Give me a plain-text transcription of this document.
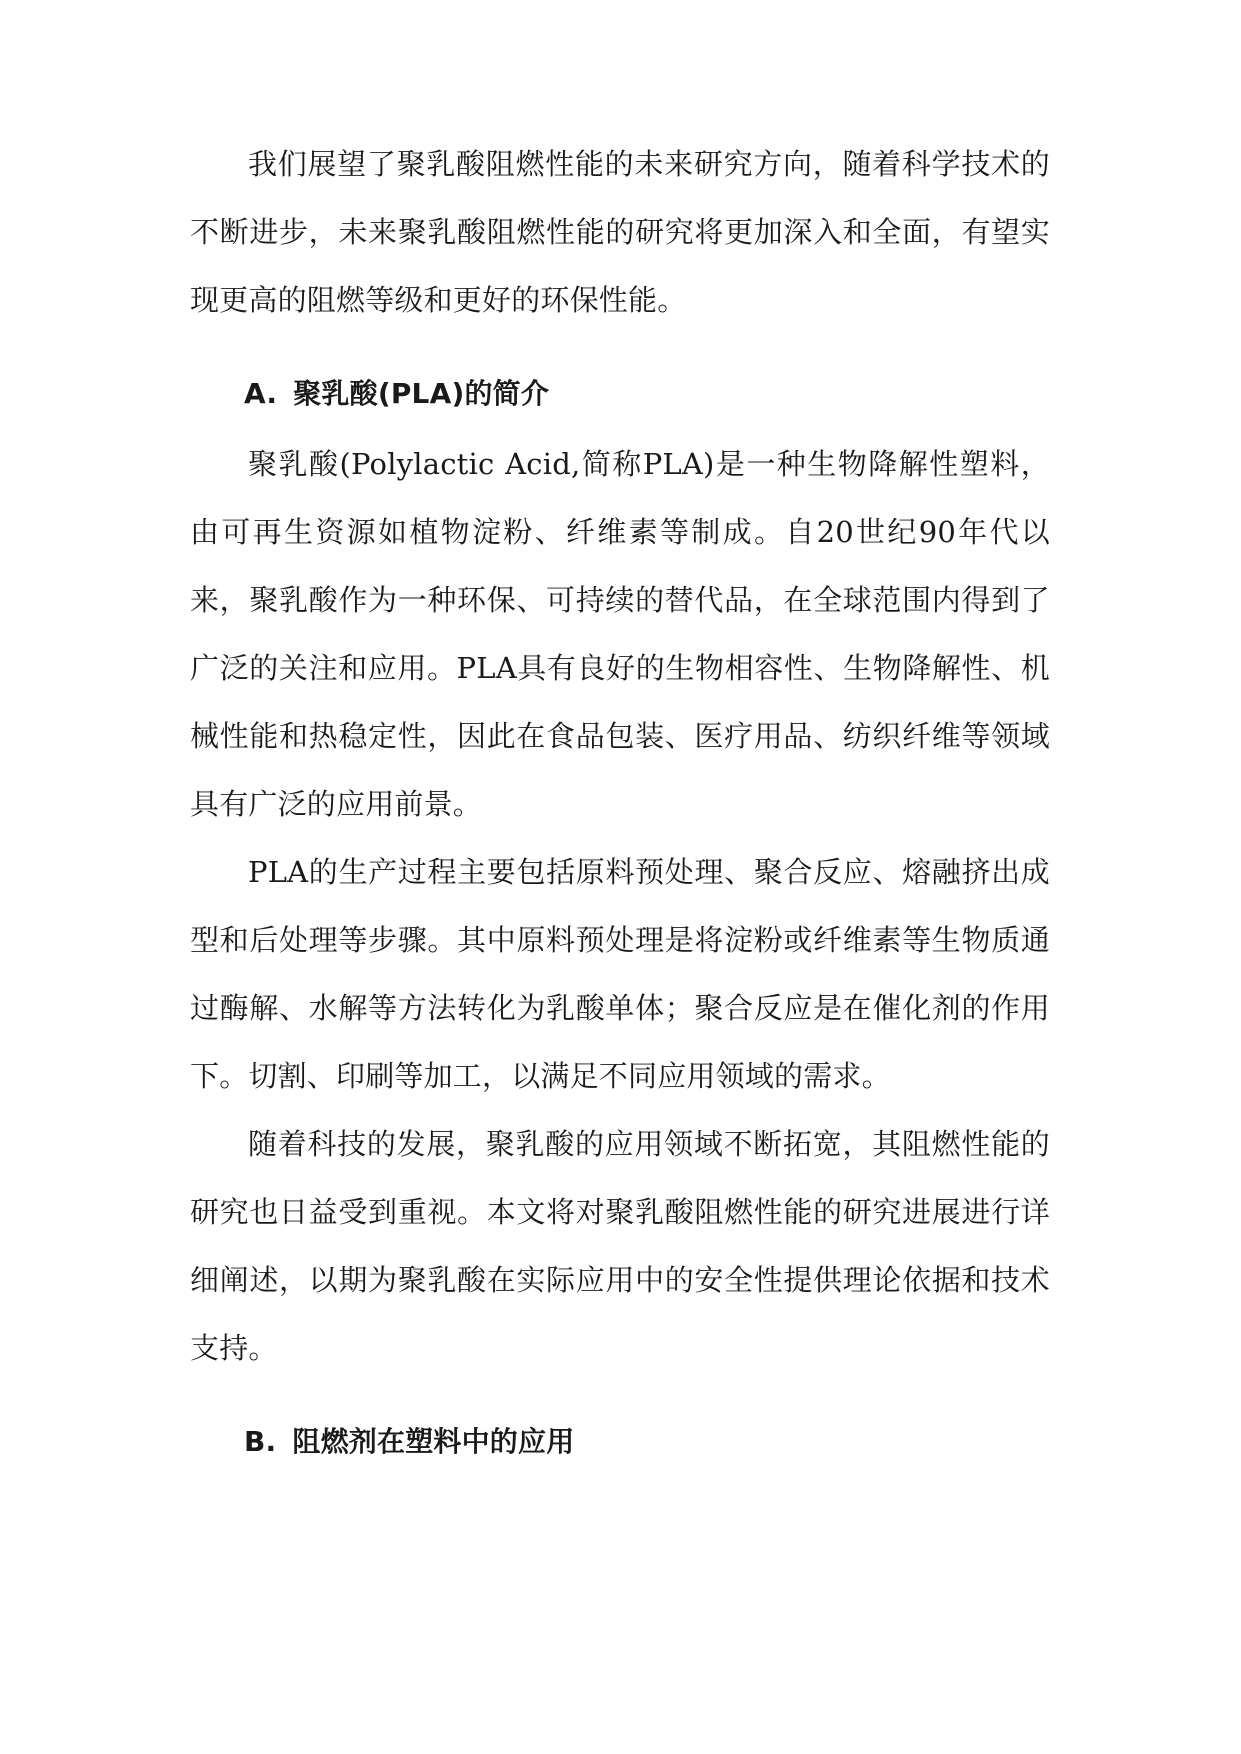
我们展望了聚乳酸阻燃性能的未来研究方向，随着科学技术的不断进步，未来聚乳酸阻燃性能的研究将更加深入和全面，有望实现更高的阻燃等级和更好的环保性能。

A. 聚乳酸(PLA)的简介

聚乳酸(Polylactic Acid,简称PLA)是一种生物降解性塑料，由可再生资源如植物淀粉、纤维素等制成。自20世纪90年代以来，聚乳酸作为一种环保、可持续的替代品，在全球范围内得到了广泛的关注和应用。PLA具有良好的生物相容性、生物降解性、机械性能和热稳定性，因此在食品包装、医疗用品、纺织纤维等领域具有广泛的应用前景。

PLA的生产过程主要包括原料预处理、聚合反应、熔融挤出成型和后处理等步骤。其中原料预处理是将淀粉或纤维素等生物质通过酶解、水解等方法转化为乳酸单体；聚合反应是在催化剂的作用下。切割、印刷等加工，以满足不同应用领域的需求。

随着科技的发展，聚乳酸的应用领域不断拓宽，其阻燃性能的研究也日益受到重视。本文将对聚乳酸阻燃性能的研究进展进行详细阐述，以期为聚乳酸在实际应用中的安全性提供理论依据和技术支持。

B. 阻燃剂在塑料中的应用
